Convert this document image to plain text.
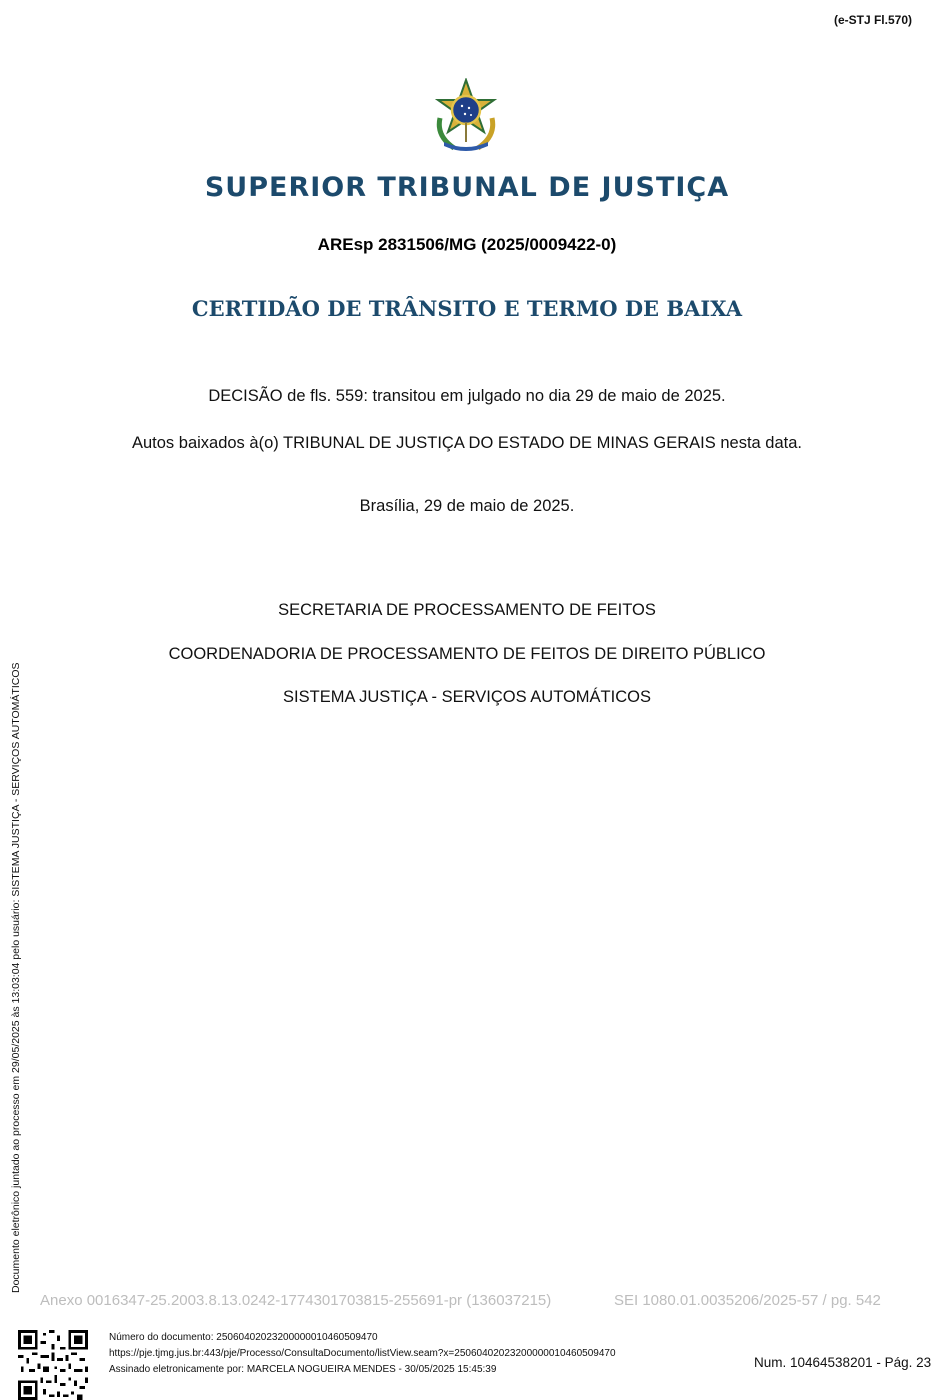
(e-STJ Fl.570)
SUPERIOR TRIBUNAL DE JUSTIÇA
AREsp 2831506/MG (2025/0009422-0)
CERTIDÃO DE TRÂNSITO E TERMO DE BAIXA
DECISÃO de fls. 559: transitou em julgado no dia 29 de maio de 2025.
Autos baixados à(o) TRIBUNAL DE JUSTIÇA DO ESTADO DE MINAS GERAIS nesta data.
Brasília, 29 de maio de 2025.
SECRETARIA DE PROCESSAMENTO DE FEITOS
COORDENADORIA DE PROCESSAMENTO DE FEITOS DE DIREITO PÚBLICO
SISTEMA JUSTIÇA - SERVIÇOS AUTOMÁTICOS
Documento eletrônico juntado ao processo em 29/05/2025 às 13:03:04 pelo usuário: SISTEMA JUSTIÇA - SERVIÇOS AUTOMÁTICOS
Anexo 0016347-25.2003.8.13.0242-1774301703815-255691-pr (136037215)	SEI 1080.01.0035206/2025-57 / pg. 542
Número do documento: 25060402023200000010460509470
https://pje.tjmg.jus.br:443/pje/Processo/ConsultaDocumento/listView.seam?x=25060402023200000010460509470
Assinado eletronicamente por: MARCELA NOGUEIRA MENDES - 30/05/2025 15:45:39	Num. 10464538201 - Pág. 23
